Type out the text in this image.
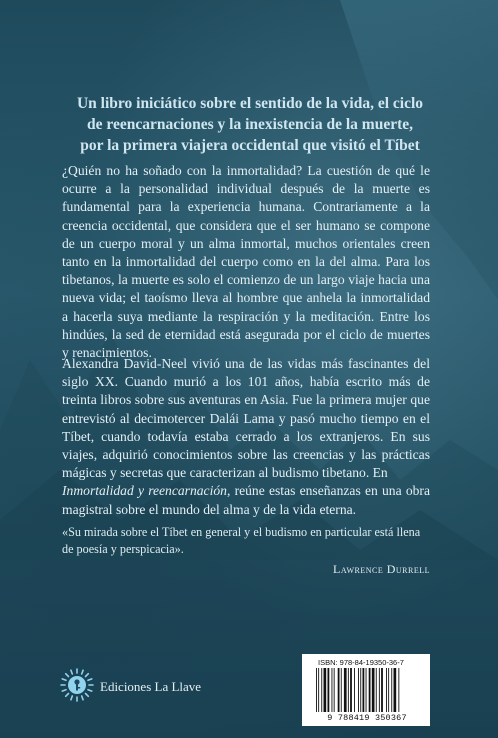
Un libro iniciático sobre el sentido de la vida, el ciclo
de reencarnaciones y la inexistencia de la muerte,
por la primera viajera occidental que visitó el Tíbet

¿Quién no ha soñado con la inmortalidad? La cuestión de qué le ocurre a la personalidad individual después de la muerte es fundamental para la experiencia humana. Contrariamente a la creencia occidental, que considera que el ser humano se compone de un cuerpo moral y un alma inmortal, muchos orientales creen tanto en la inmortalidad del cuerpo como en la del alma. Para los tibetanos, la muerte es solo el comienzo de un largo viaje hacia una nueva vida; el taoísmo lleva al hombre que anhela la inmortalidad a hacerla suya mediante la respiración y la meditación. Entre los hindúes, la sed de eternidad está asegurada por el ciclo de muertes y renacimientos.

Alexandra David-Neel vivió una de las vidas más fascinantes del siglo XX. Cuando murió a los 101 años, había escrito más de treinta libros sobre sus aventuras en Asia. Fue la primera mujer que entrevistó al decimotercer Dalái Lama y pasó mucho tiempo en el Tíbet, cuando todavía estaba cerrado a los extranjeros. En sus viajes, adquirió conocimientos sobre las creencias y las prácticas mágicas y secretas que caracterizan al budismo tibetano. En
Inmortalidad y reencarnación, reúne estas enseñanzas en una obra magistral sobre el mundo del alma y de la vida eterna.

«Su mirada sobre el Tíbet en general y el budismo en particular está llena de poesía y perspicacia».

Lawrence Durrell
Ediciones La Llave
ISBN: 978-84-19350-36-7
9 788419 350367
